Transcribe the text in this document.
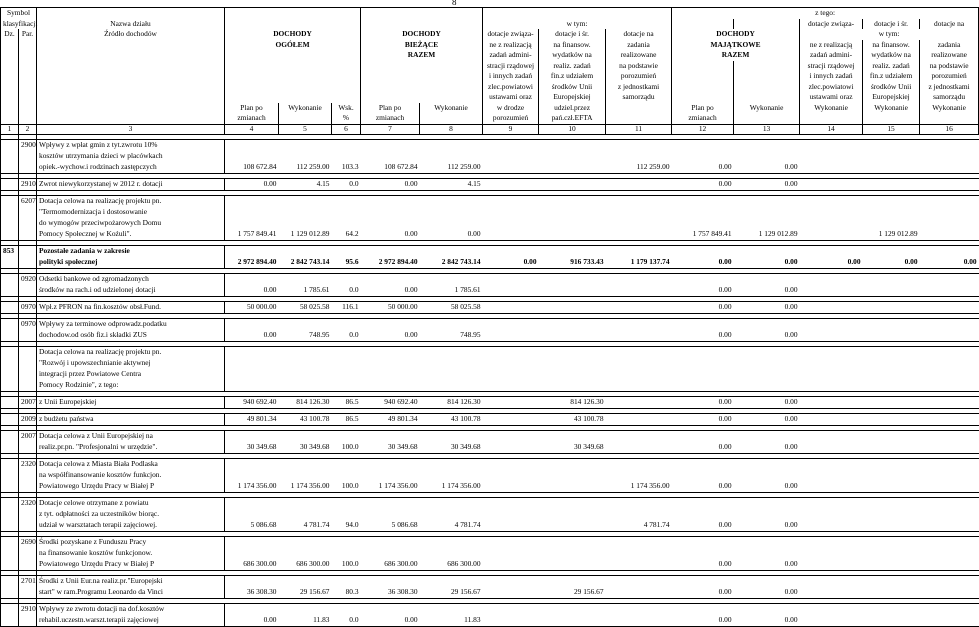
8
Symbol											z tego:				
klasyfikacji		Nazwa działu						w tym:					dotacje związa-	dotacje i śr.	dotacje na
Dz.	Par.	Źródło dochodów	DOCHODY			DOCHODY		dotacje związa-	dotacje i śr.	dotacje na	DOCHODY		w tym:		
			OGÓŁEM			BIEŻĄCE		ne z realizacją	na finansow.	zadania	MAJĄTKOWE		ne z realizacją	na finansow.	zadania
						RAZEM		zadań admini-	wydatków na	realizowane	RAZEM		zadań admini-	wydatków na	realizowane
								stracji rządowej	realiz. zadań	na podstawie			stracji rządowej	realiz. zadań	na podstawie
								i innych zadań	fin.z udziałem	porozumień			i innych zadań	fin.z udziałem	porozumień
								zlec.powiatowi	środków Unii	z jednostkami			zlec.powiatowi	środków Unii	z jednostkami
								ustawami oraz	Europejskiej	samorządu			ustawami oraz	Europejskiej	samorządu
			Plan po	Wykonanie	Wsk.	Plan po	Wykonanie	w drodze	udziel.przez		Plan po	Wykonanie	Wykonanie	Wykonanie	Wykonanie
			zmianach		%	zmianach		porozumień	pań.czł.EFTA		zmianach				
1	2	3	4	5	6	7	8	9	10	11	12	13	14	15	16

	2900	Wpływy z wpłat gmin z tyt.zwrotu 10%													
		kosztów utrzymania dzieci w placówkach													
		opiek.-wychow.i rodzinach zastępczych	108 672.84	112 259.00	103.3	108 672.84	112 259.00			112 259.00	0.00	0.00			

	2910	Zwrot niewykorzystanej w 2012 r. dotacji	0.00	4.15	0.0	0.00	4.15				0.00	0.00			

	6207	Dotacja celowa na realizację projektu pn.													
		"Termomodernizacja i dostosowanie													
		do wymogów przeciwpożarowych Domu													
		Pomocy Społecznej w Koźuli".	1 757 849.41	1 129 012.89	64.2	0.00	0.00				1 757 849.41	1 129 012.89		1 129 012.89	

853		Pozostałe zadania w zakresie													
		polityki społecznej	2 972 894.40	2 842 743.14	95.6	2 972 894.40	2 842 743.14	0.00	916 733.43	1 179 137.74	0.00	0.00	0.00	0.00	0.00

	0920	Odsetki bankowe od zgromadzonych													
		środków na rach.i od udzielonej dotacji	0.00	1 785.61	0.0	0.00	1 785.61				0.00	0.00			

	0970	Wpł.z PFRON na fin.kosztów obsł.Fund.	50 000.00	58 025.58	116.1	50 000.00	58 025.58				0.00	0.00			

	0970	Wpływy za terminowe odprowadz.podatku													
		dochodow.od osób fiz.i składki ZUS	0.00	748.95	0.0	0.00	748.95				0.00	0.00			

		Dotacja celowa na realizację projektu pn.													
		"Rozwój i upowszechnianie aktywnej													
		integracji przez Powiatowe Centra													
		Pomocy Rodzinie", z tego:													

	2007	z Unii Europejskiej	940 692.40	814 126.30	86.5	940 692.40	814 126.30		814 126.30		0.00	0.00			

	2009	z budżetu państwa	49 801.34	43 100.78	86.5	49 801.34	43 100.78		43 100.78		0.00	0.00			

	2007	Dotacja celowa z Unii Europejskiej na													
		realiz.pr.pn. "Profesjonalni w urzędzie".	30 349.68	30 349.68	100.0	30 349.68	30 349.68		30 349.68		0.00	0.00			

	2320	Dotacja celowa z Miasta Biała Podlaska													
		na współfinansowanie kosztów funkcjon.													
		Powiatowego Urzędu Pracy w Białej P	1 174 356.00	1 174 356.00	100.0	1 174 356.00	1 174 356.00			1 174 356.00	0.00	0.00			

	2320	Dotacje celowe otrzymane z powiatu													
		z tyt. odpłatności za uczestników biorąc.													
		udział w warsztatach terapii zajęciowej.	5 086.68	4 781.74	94.0	5 086.68	4 781.74			4 781.74	0.00	0.00			

	2690	Środki pozyskane z Funduszu Pracy													
		na finansowanie kosztów funkcjonow.													
		Powiatowego Urzędu Pracy w Białej P	686 300.00	686 300.00	100.0	686 300.00	686 300.00				0.00	0.00			

	2701	Środki z Unii Eur.na realiz.pr."Europejski													
		start" w ram.Programu Leonardo da Vinci	36 308.30	29 156.67	80.3	36 308.30	29 156.67		29 156.67		0.00	0.00			

	2910	Wpływy ze zwrotu dotacji na dof.kosztów													
		rehabil.uczestn.warszt.terapii zajęciowej	0.00	11.83	0.0	0.00	11.83				0.00	0.00			
